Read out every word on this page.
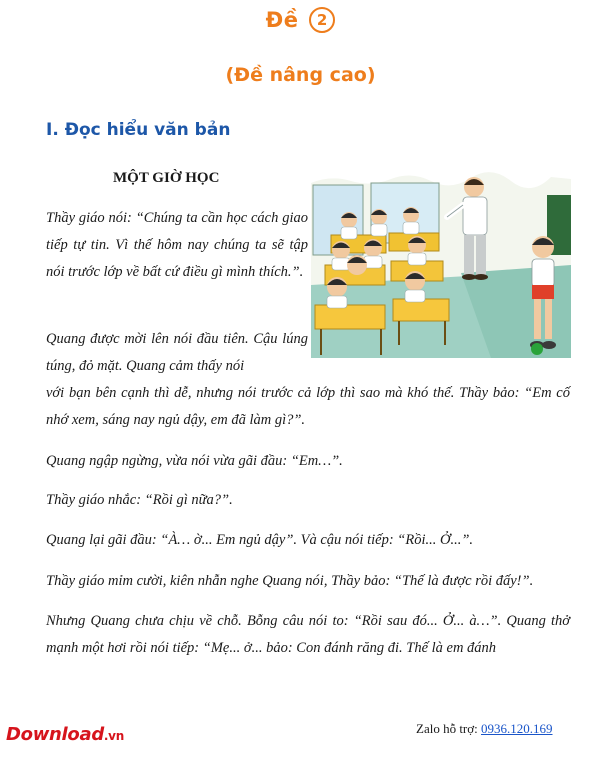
Đề 2
(Đề nâng cao)
I. Đọc hiểu văn bản
MỘT GIỜ HỌC
Thầy giáo nói: “Chúng ta cần học cách giao tiếp tự tin. Vì thế hôm nay chúng ta sẽ tập nói trước lớp về bất cứ điều gì mình thích.”.
Quang được mời lên nói đầu tiên. Cậu lúng túng, đỏ mặt. Quang cảm thấy nói
với bạn bên cạnh thì dễ, nhưng nói trước cả lớp thì sao mà khó thế. Thầy bảo: “Em cố nhớ xem, sáng nay ngủ dậy, em đã làm gì?”.
Quang ngập ngừng, vừa nói vừa gãi đầu: “Em…”.
Thầy giáo nhắc: “Rồi gì nữa?”.
Quang lại gãi đầu: “À… ờ... Em ngủ dậy”. Và cậu nói tiếp: “Rồi... Ở...”.
Thầy giáo mỉm cười, kiên nhẫn nghe Quang nói, Thầy bảo: “Thế là được rồi đấy!”.
Nhưng Quang chưa chịu về chỗ. Bỗng câu nói to: “Rồi sau đó... Ở... à…”. Quang thở mạnh một hơi rồi nói tiếp: “Mẹ... ở... bảo: Con đánh răng đi. Thế là em đánh
Download.vn	Zalo hỗ trợ: 0936.120.169
